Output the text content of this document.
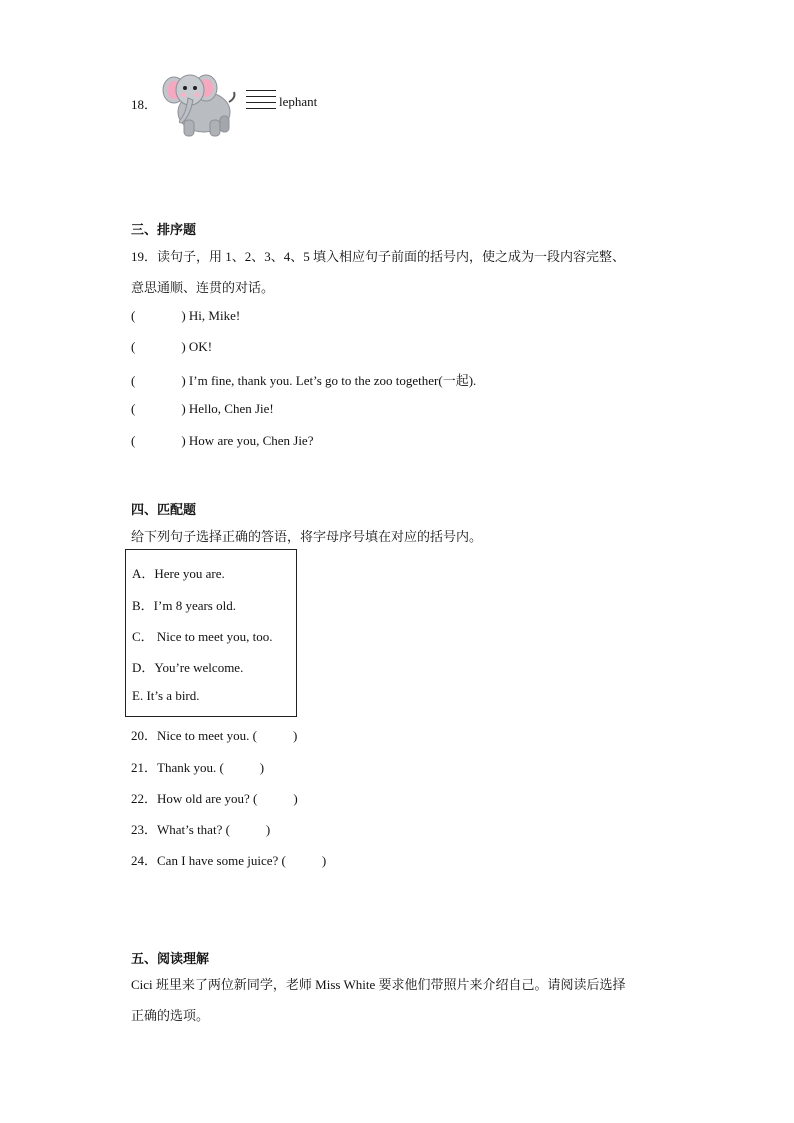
18．	lephant
三、排序题
19．读句子，用 1、2、3、4、5 填入相应句子前面的括号内，使之成为一段内容完整、
意思通顺、连贯的对话。
(	) Hi, Mike!
(	) OK!
(	) I’m fine, thank you. Let’s go to the zoo together(一起).
(	) Hello, Chen Jie!
(	) How are you, Chen Jie?
四、匹配题
给下列句子选择正确的答语，将字母序号填在对应的括号内。
A．Here you are.
B．I’m 8 years old.
C． Nice to meet you, too.
D．You’re welcome.
E. It’s a bird.
20．Nice to meet you. (	)
21．Thank you. (	)
22．How old are you? (	)
23．What’s that? (	)
24．Can I have some juice? (	)
五、阅读理解
Cici 班里来了两位新同学，老师 Miss White 要求他们带照片来介绍自己。请阅读后选择
正确的选项。
